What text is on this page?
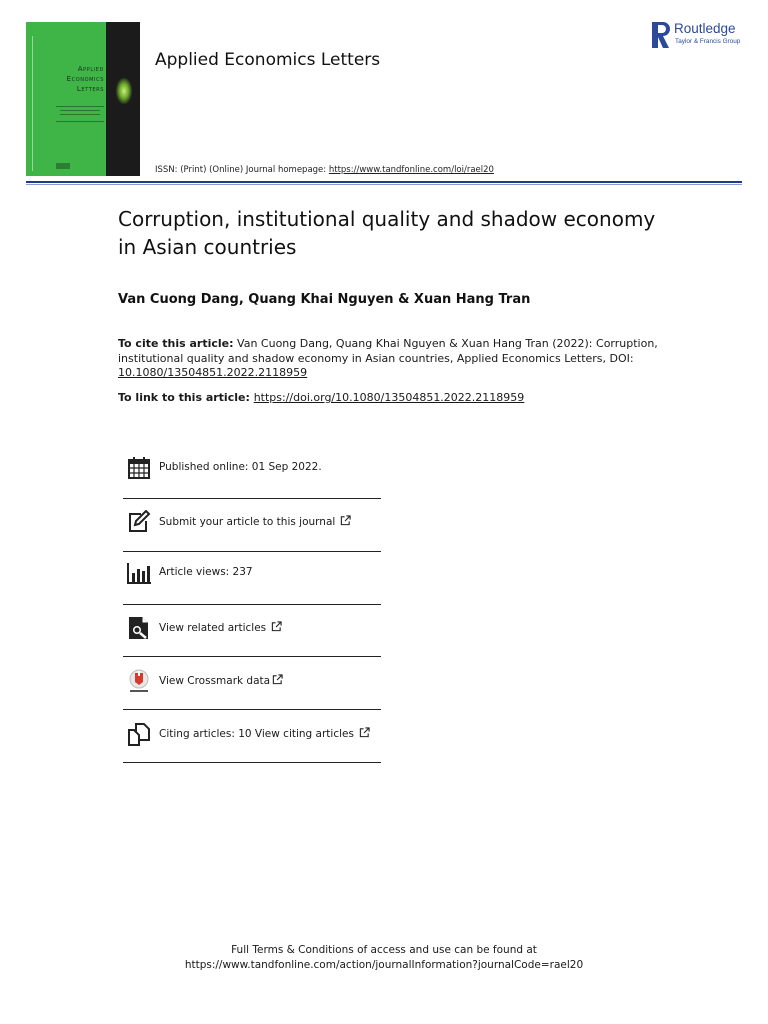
Applied
Economics
Letters
Applied Economics Letters
ISSN: (Print) (Online) Journal homepage: https://www.tandfonline.com/loi/rael20
Routledge
Taylor & Francis Group
Corruption, institutional quality and shadow economy in Asian countries
Van Cuong Dang, Quang Khai Nguyen & Xuan Hang Tran
To cite this article: Van Cuong Dang, Quang Khai Nguyen & Xuan Hang Tran (2022): Corruption, institutional quality and shadow economy in Asian countries, Applied Economics Letters, DOI: 10.1080/13504851.2022.2118959
To link to this article: https://doi.org/10.1080/13504851.2022.2118959
Published online: 01 Sep 2022.
Submit your article to this journal
Article views: 237
View related articles
View Crossmark data
Citing articles: 10 View citing articles
Full Terms & Conditions of access and use can be found at
https://www.tandfonline.com/action/journalInformation?journalCode=rael20
